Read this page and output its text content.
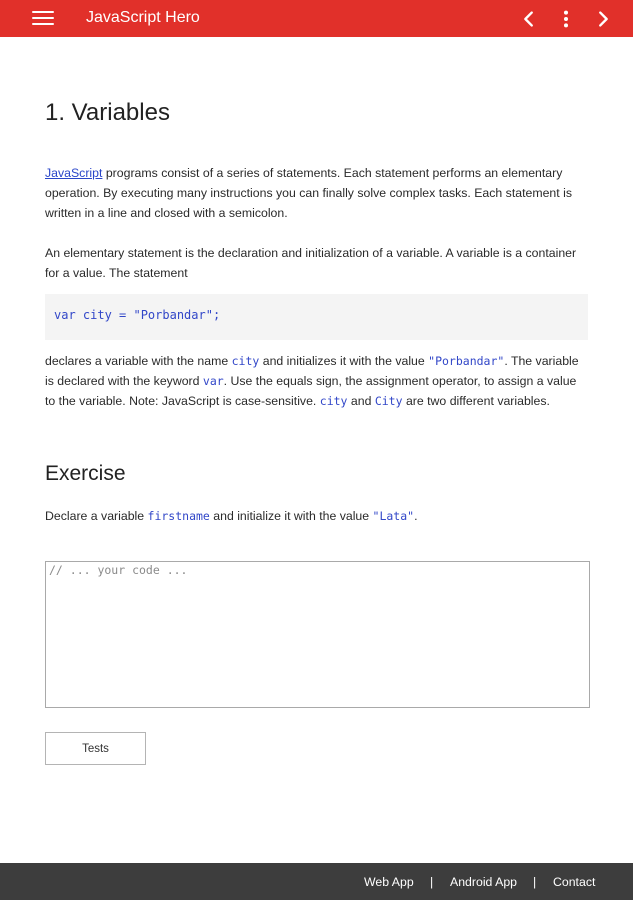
JavaScript Hero
1. Variables

JavaScript programs consist of a series of statements. Each statement performs an elementary operation. By executing many instructions you can finally solve complex tasks. Each statement is written in a line and closed with a semicolon.

An elementary statement is the declaration and initialization of a variable. A variable is a container for a value. The statement

var city = "Porbandar";

declares a variable with the name city and initializes it with the value "Porbandar". The variable is declared with the keyword var. Use the equals sign, the assignment operator, to assign a value to the variable. Note: JavaScript is case-sensitive. city and City are two different variables.

Exercise

Declare a variable firstname and initialize it with the value "Lata".

// ... your code ...
Tests
Web App | Android App | Contact
